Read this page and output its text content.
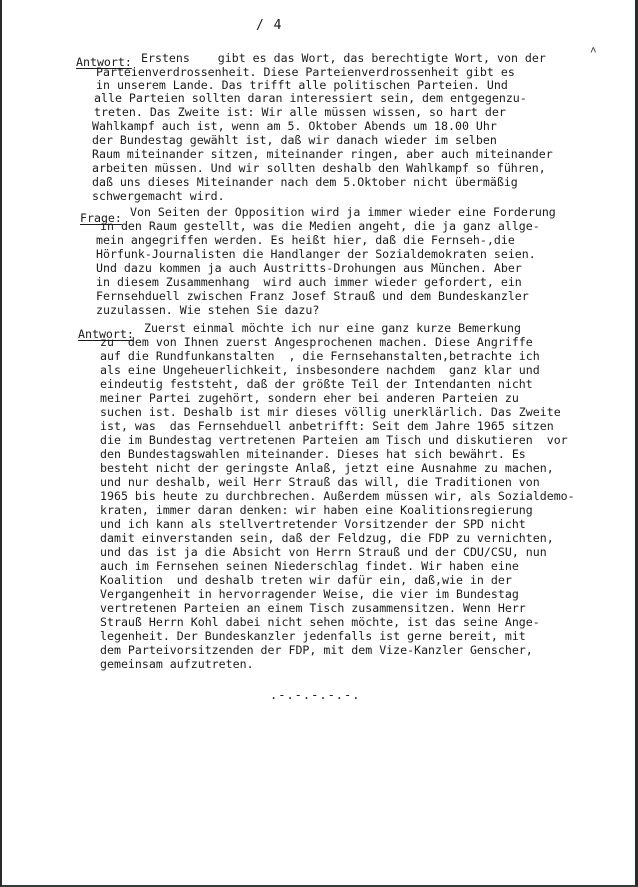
/ 4
˄
Antwort: Erstens    gibt es das Wort, das berechtigte Wort, von der
Parteienverdrossenheit. Diese Parteienverdrossenheit gibt es
in unserem Lande. Das trifft alle politischen Parteien. Und
alle Parteien sollten daran interessiert sein, dem entgegenzu-
treten. Das Zweite ist: Wir alle müssen wissen, so hart der
Wahlkampf auch ist, wenn am 5. Oktober Abends um 18.00 Uhr
der Bundestag gewählt ist, daß wir danach wieder im selben
Raum miteinander sitzen, miteinander ringen, aber auch miteinander
arbeiten müssen. Und wir sollten deshalb den Wahlkampf so führen,
daß uns dieses Miteinander nach dem 5.Oktober nicht übermäßig
schwergemacht wird.
Frage: Von Seiten der Opposition wird ja immer wieder eine Forderung
in den Raum gestellt, was die Medien angeht, die ja ganz allge-
mein angegriffen werden. Es heißt hier, daß die Fernseh-,die
Hörfunk-Journalisten die Handlanger der Sozialdemokraten seien.
Und dazu kommen ja auch Austritts-Drohungen aus München. Aber
in diesem Zusammenhang  wird auch immer wieder gefordert, ein
Fernsehduell zwischen Franz Josef Strauß und dem Bundeskanzler
zuzulassen. Wie stehen Sie dazu?
Antwort: Zuerst einmal möchte ich nur eine ganz kurze Bemerkung
zu  dem von Ihnen zuerst Angesprochenen machen. Diese Angriffe
auf die Rundfunkanstalten  , die Fernsehanstalten,betrachte ich
als eine Ungeheuerlichkeit, insbesondere nachdem  ganz klar und
eindeutig feststeht, daß der größte Teil der Intendanten nicht
meiner Partei zugehört, sondern eher bei anderen Parteien zu
suchen ist. Deshalb ist mir dieses völlig unerklärlich. Das Zweite
ist, was  das Fernsehduell anbetrifft: Seit dem Jahre 1965 sitzen
die im Bundestag vertretenen Parteien am Tisch und diskutieren  vor
den Bundestagswahlen miteinander. Dieses hat sich bewährt. Es
besteht nicht der geringste Anlaß, jetzt eine Ausnahme zu machen,
und nur deshalb, weil Herr Strauß das will, die Traditionen von
1965 bis heute zu durchbrechen. Außerdem müssen wir, als Sozialdemo-
kraten, immer daran denken: wir haben eine Koalitionsregierung
und ich kann als stellvertretender Vorsitzender der SPD nicht
damit einverstanden sein, daß der Feldzug, die FDP zu vernichten,
und das ist ja die Absicht von Herrn Strauß und der CDU/CSU, nun
auch im Fernsehen seinen Niederschlag findet. Wir haben eine
Koalition  und deshalb treten wir dafür ein, daß,wie in der
Vergangenheit in hervorragender Weise, die vier im Bundestag
vertretenen Parteien an einem Tisch zusammensitzen. Wenn Herr
Strauß Herrn Kohl dabei nicht sehen möchte, ist das seine Ange-
legenheit. Der Bundeskanzler jedenfalls ist gerne bereit, mit
dem Parteivorsitzenden der FDP, mit dem Vize-Kanzler Genscher,
gemeinsam aufzutreten.
.-.-.-.-.-.
